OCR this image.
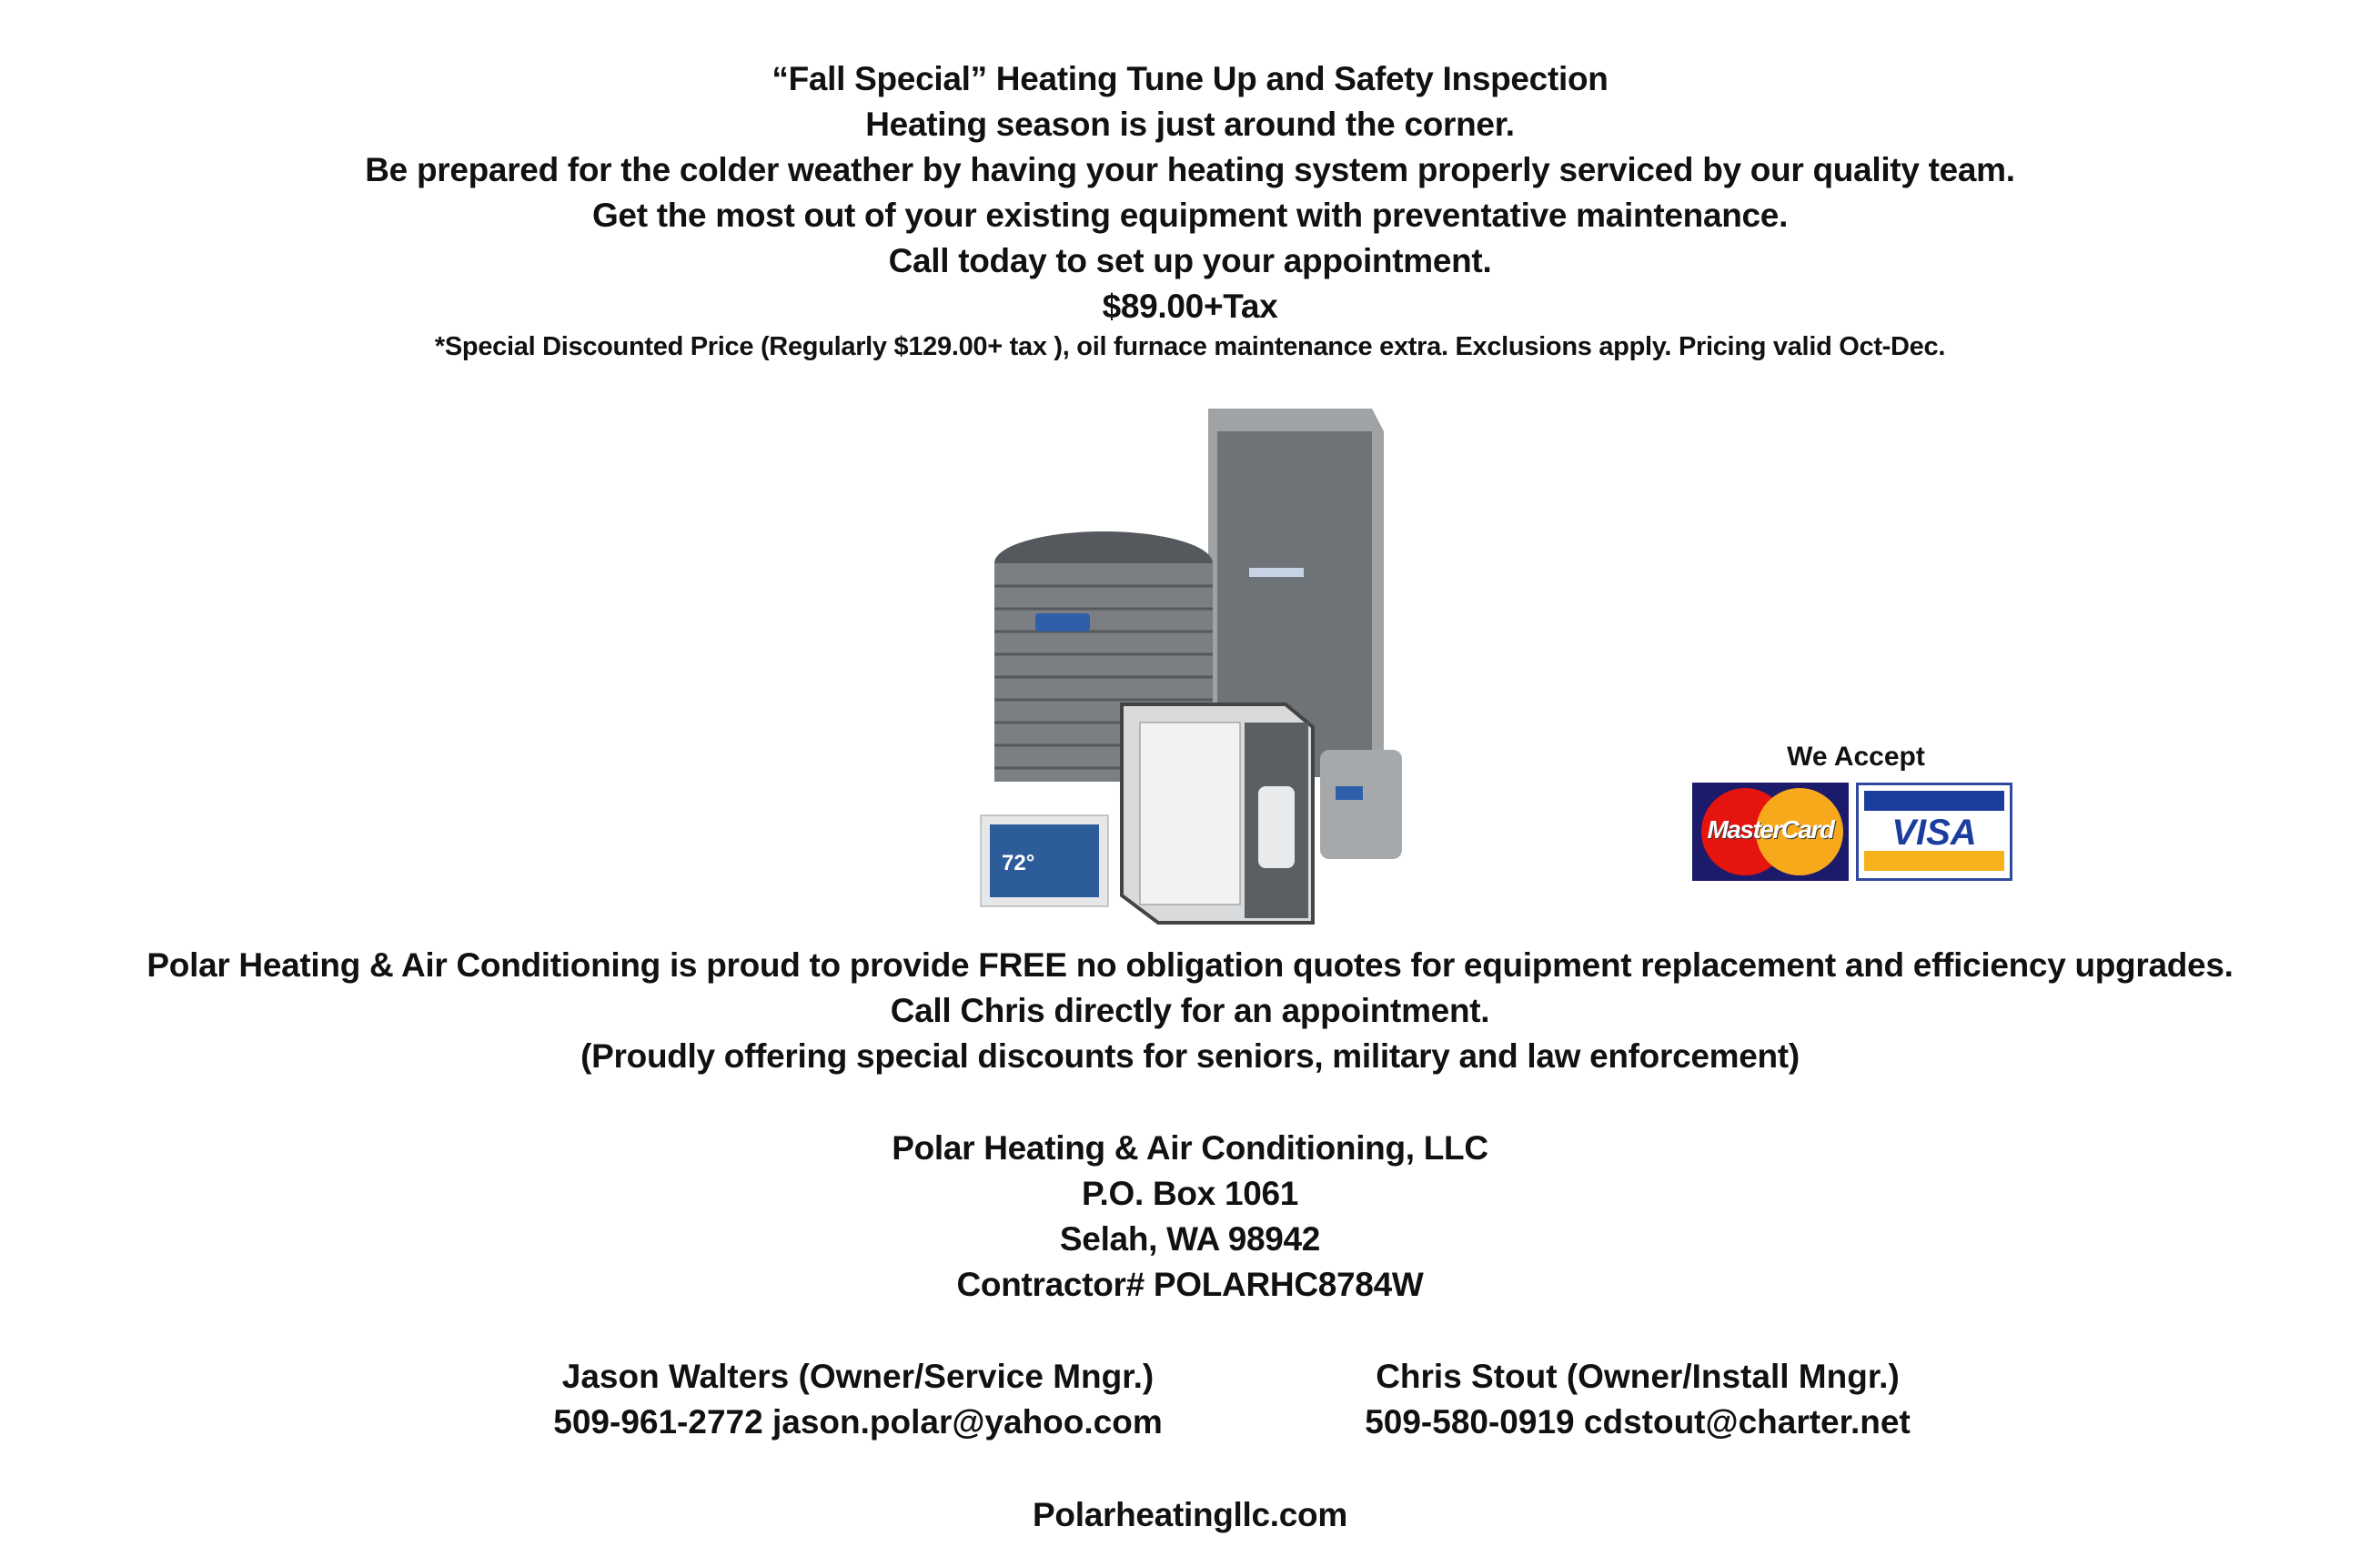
“Fall Special” Heating Tune Up and Safety Inspection
Heating season is just around the corner.
Be prepared for the colder weather by having your heating system properly serviced by our quality team.
Get the most out of your existing equipment with preventative maintenance.
Call today to set up your appointment.
$89.00+Tax
*Special Discounted Price (Regularly $129.00+ tax ), oil furnace maintenance extra. Exclusions apply. Pricing valid Oct-Dec.
72°
We Accept
MasterCard	VISA
Polar Heating & Air Conditioning is proud to provide FREE no obligation quotes for equipment replacement and efficiency upgrades.
Call Chris directly for an appointment.
(Proudly offering special discounts for seniors, military and law enforcement)
Polar Heating & Air Conditioning, LLC
P.O. Box 1061
Selah, WA 98942
Contractor# POLARHC8784W
Jason Walters (Owner/Service Mngr.)
509-961-2772 jason.polar@yahoo.com
Chris Stout (Owner/Install Mngr.)
509-580-0919 cdstout@charter.net
Polarheatingllc.com
